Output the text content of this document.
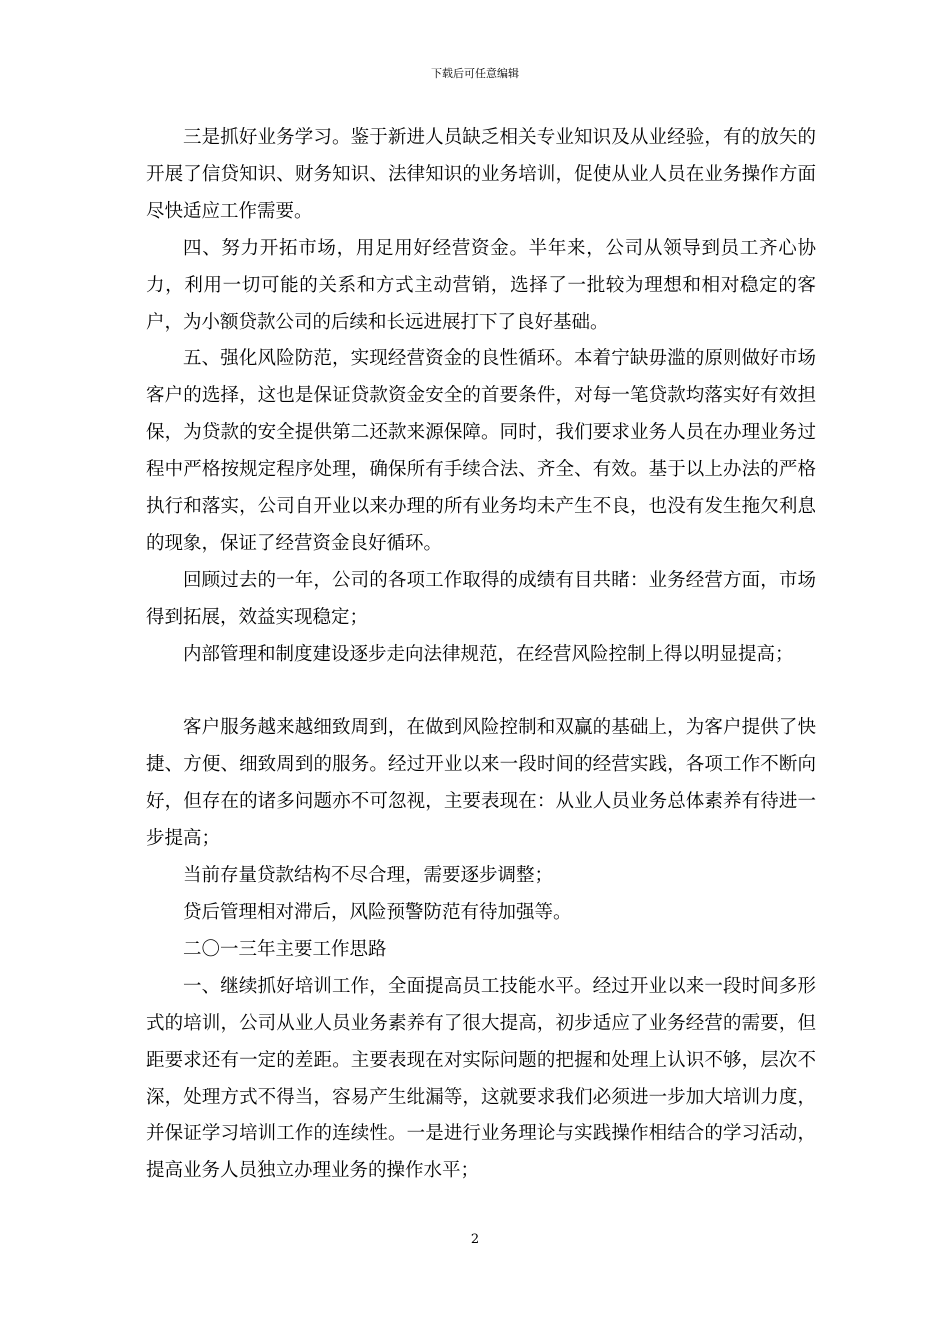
下载后可任意编辑

三是抓好业务学习。鉴于新进人员缺乏相关专业知识及从业经验，有的放矢的开展了信贷知识、财务知识、法律知识的业务培训，促使从业人员在业务操作方面尽快适应工作需要。

四、努力开拓市场，用足用好经营资金。半年来，公司从领导到员工齐心协力，利用一切可能的关系和方式主动营销，选择了一批较为理想和相对稳定的客户，为小额贷款公司的后续和长远进展打下了良好基础。

五、强化风险防范，实现经营资金的良性循环。本着宁缺毋滥的原则做好市场客户的选择，这也是保证贷款资金安全的首要条件，对每一笔贷款均落实好有效担保，为贷款的安全提供第二还款来源保障。同时，我们要求业务人员在办理业务过程中严格按规定程序处理，确保所有手续合法、齐全、有效。基于以上办法的严格执行和落实，公司自开业以来办理的所有业务均未产生不良，也没有发生拖欠利息的现象，保证了经营资金良好循环。

回顾过去的一年，公司的各项工作取得的成绩有目共睹：业务经营方面，市场得到拓展，效益实现稳定；

内部管理和制度建设逐步走向法律规范，在经营风险控制上得以明显提高；

客户服务越来越细致周到，在做到风险控制和双赢的基础上，为客户提供了快捷、方便、细致周到的服务。经过开业以来一段时间的经营实践，各项工作不断向好，但存在的诸多问题亦不可忽视，主要表现在：从业人员业务总体素养有待进一步提高；

当前存量贷款结构不尽合理，需要逐步调整；

贷后管理相对滞后，风险预警防范有待加强等。

二〇一三年主要工作思路

一、继续抓好培训工作，全面提高员工技能水平。经过开业以来一段时间多形式的培训，公司从业人员业务素养有了很大提高，初步适应了业务经营的需要，但距要求还有一定的差距。主要表现在对实际问题的把握和处理上认识不够，层次不深，处理方式不得当，容易产生纰漏等，这就要求我们必须进一步加大培训力度，并保证学习培训工作的连续性。一是进行业务理论与实践操作相结合的学习活动，提高业务人员独立办理业务的操作水平；

2
